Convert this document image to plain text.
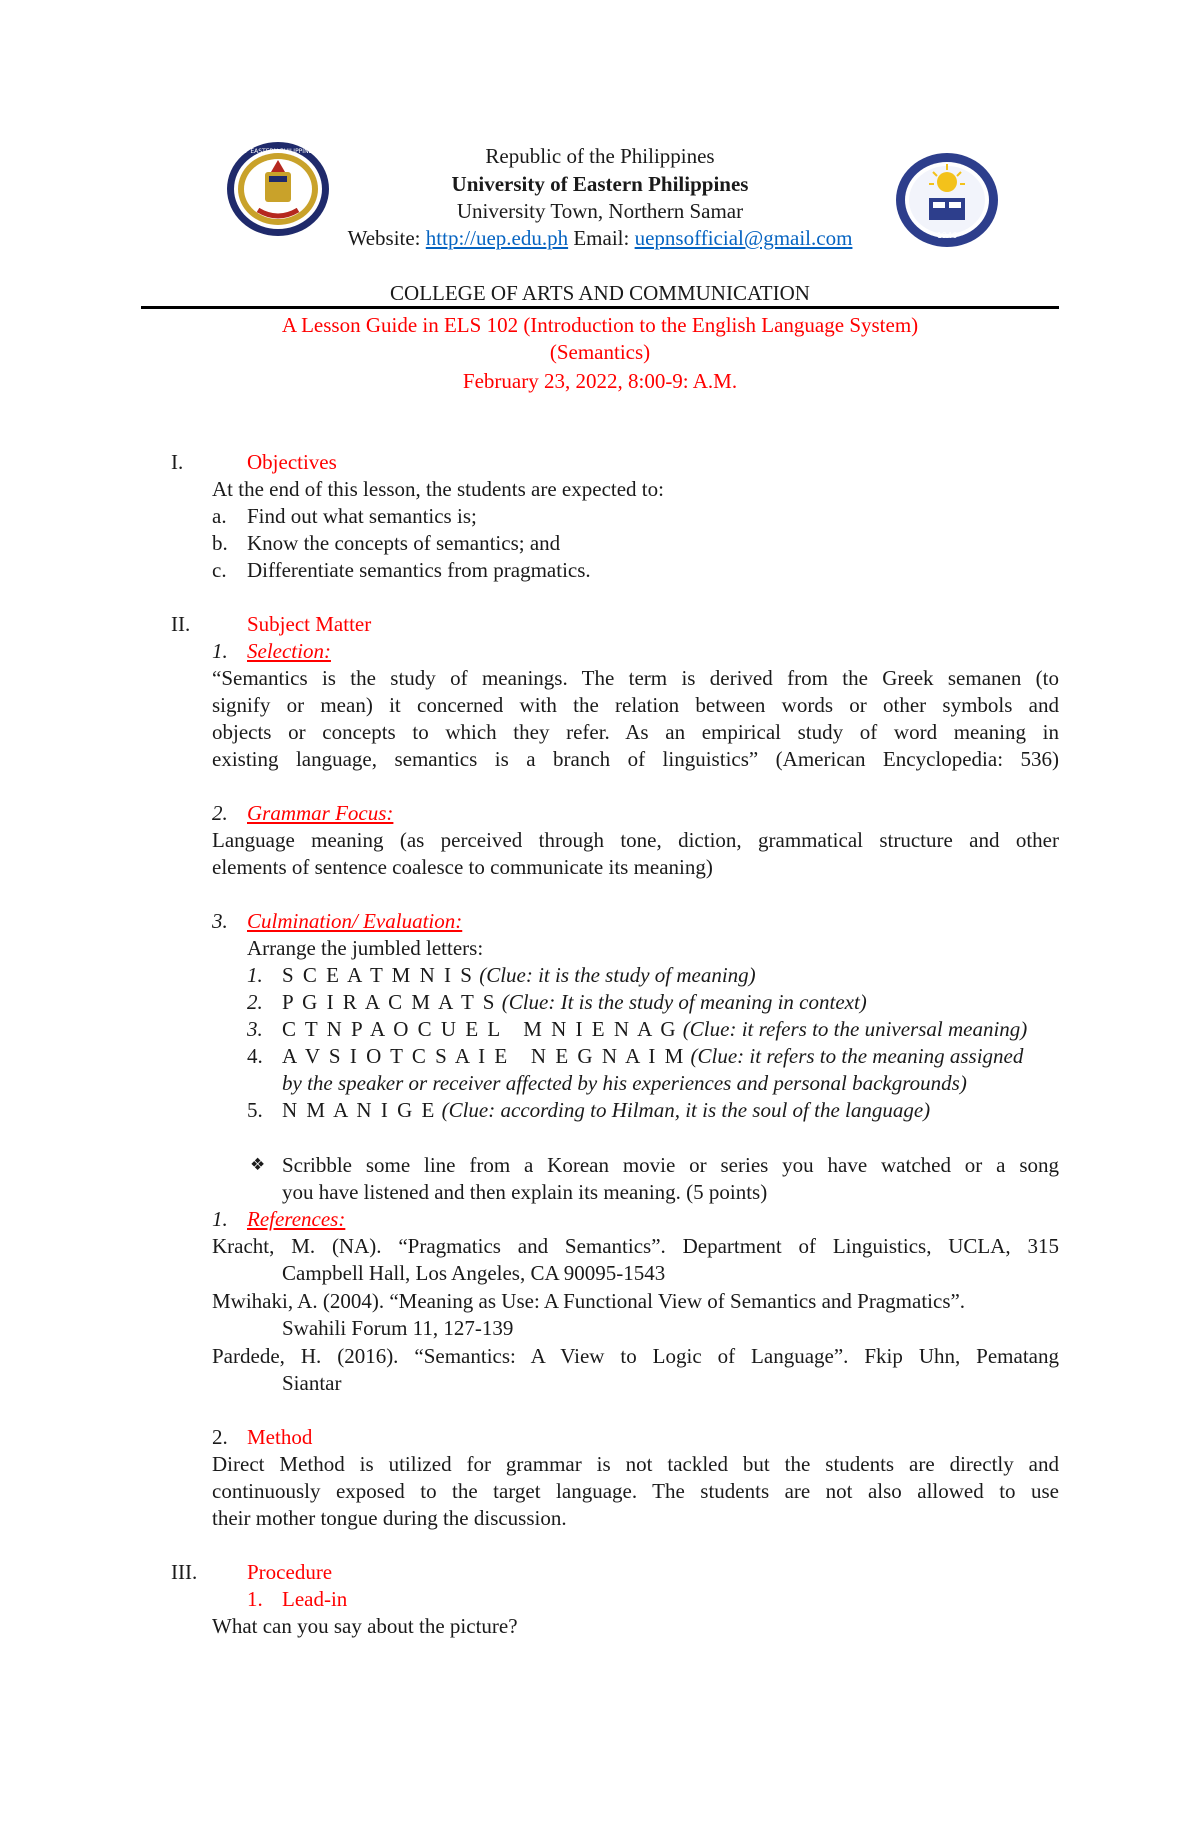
UNIVERSITY OF EASTERN PHILIPPINES • N. SAMAR
1946
Republic of the Philippines
University of Eastern Philippines
University Town, Northern Samar
Website: http://uep.edu.ph Email: uepnsofficial@gmail.com
COLLEGE OF ARTS AND COMMUNICATION
A Lesson Guide in ELS 102 (Introduction to the English Language System)
(Semantics)
February 23, 2022, 8:00-9: A.M.
I.	Objectives
At the end of this lesson, the students are expected to:
a. Find out what semantics is;
b. Know the concepts of semantics; and
c. Differentiate semantics from pragmatics.
II.	Subject Matter
1. Selection:
“Semantics is the study of meanings. The term is derived from the Greek semanen (to
signify or mean) it concerned with the relation between words or other symbols and
objects or concepts to which they refer. As an empirical study of word meaning in
existing language, semantics is a branch of linguistics” (American Encyclopedia: 536)
2. Grammar Focus:
Language meaning (as perceived through tone, diction, grammatical structure and other
elements of sentence coalesce to communicate its meaning)
3. Culmination/ Evaluation:
Arrange the jumbled letters:
1. S C E A T M N I S (Clue: it is the study of meaning)
2. P G I R A C M A T S (Clue: It is the study of meaning in context)
3. C T N P A O C U E L   M N I E N A G (Clue: it refers to the universal meaning)
4. A V S I O T C S A I E   N E G N A I M (Clue: it refers to the meaning assigned
by the speaker or receiver affected by his experiences and personal backgrounds)
5. N M A N I G E (Clue: according to Hilman, it is the soul of the language)
❖ Scribble some line from a Korean movie or series you have watched or a song
you have listened and then explain its meaning. (5 points)
1. References:
Kracht, M. (NA). “Pragmatics and Semantics”. Department of Linguistics, UCLA, 315
Campbell Hall, Los Angeles, CA 90095-1543
Mwihaki, A. (2004). “Meaning as Use: A Functional View of Semantics and Pragmatics”.
Swahili Forum 11, 127-139
Pardede, H. (2016). “Semantics: A View to Logic of Language”. Fkip Uhn, Pematang
Siantar
2. Method
Direct Method is utilized for grammar is not tackled but the students are directly and
continuously exposed to the target language. The students are not also allowed to use
their mother tongue during the discussion.
III. Procedure
1. Lead-in
What can you say about the picture?
